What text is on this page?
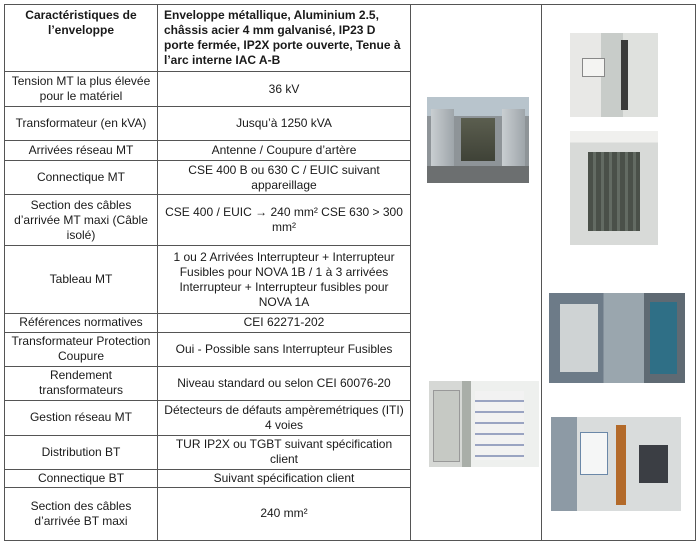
Caractéristiques de l’enveloppe	Enveloppe métallique, Aluminium 2.5, châssis acier 4 mm galvanisé, IP23 D porte fermée, IP2X porte ouverte, Tenue à l’arc interne IAC A-B	

Tension MT la plus élevée pour le matériel	36 kV		
Transformateur (en kVA)	Jusqu’à 1250 kVA		
Arrivées réseau MT	Antenne / Coupure d’artère		
Connectique MT	CSE 400 B ou 630 C / EUIC suivant appareillage		
Section des câbles d’arrivée MT maxi (Câble isolé)	CSE 400 / EUIC → 240 mm² CSE 630 > 300 mm²		
Tableau MT	1 ou 2 Arrivées Interrupteur + Interrupteur Fusibles pour NOVA 1B / 1 à 3 arrivées Interrupteur + Interrupteur fusibles pour NOVA 1A		
Références normatives	CEI 62271-202		
Transformateur Protection Coupure	Oui - Possible sans Interrupteur Fusibles		
Rendement transformateurs	Niveau standard ou selon CEI 60076-20		
Gestion réseau MT	Détecteurs de défauts ampèremétriques (ITI) 4 voies		
Distribution BT	TUR IP2X ou TGBT suivant spécification client		
Connectique BT	Suivant spécification client		
Section des câbles d’arrivée BT maxi	240 mm²		
